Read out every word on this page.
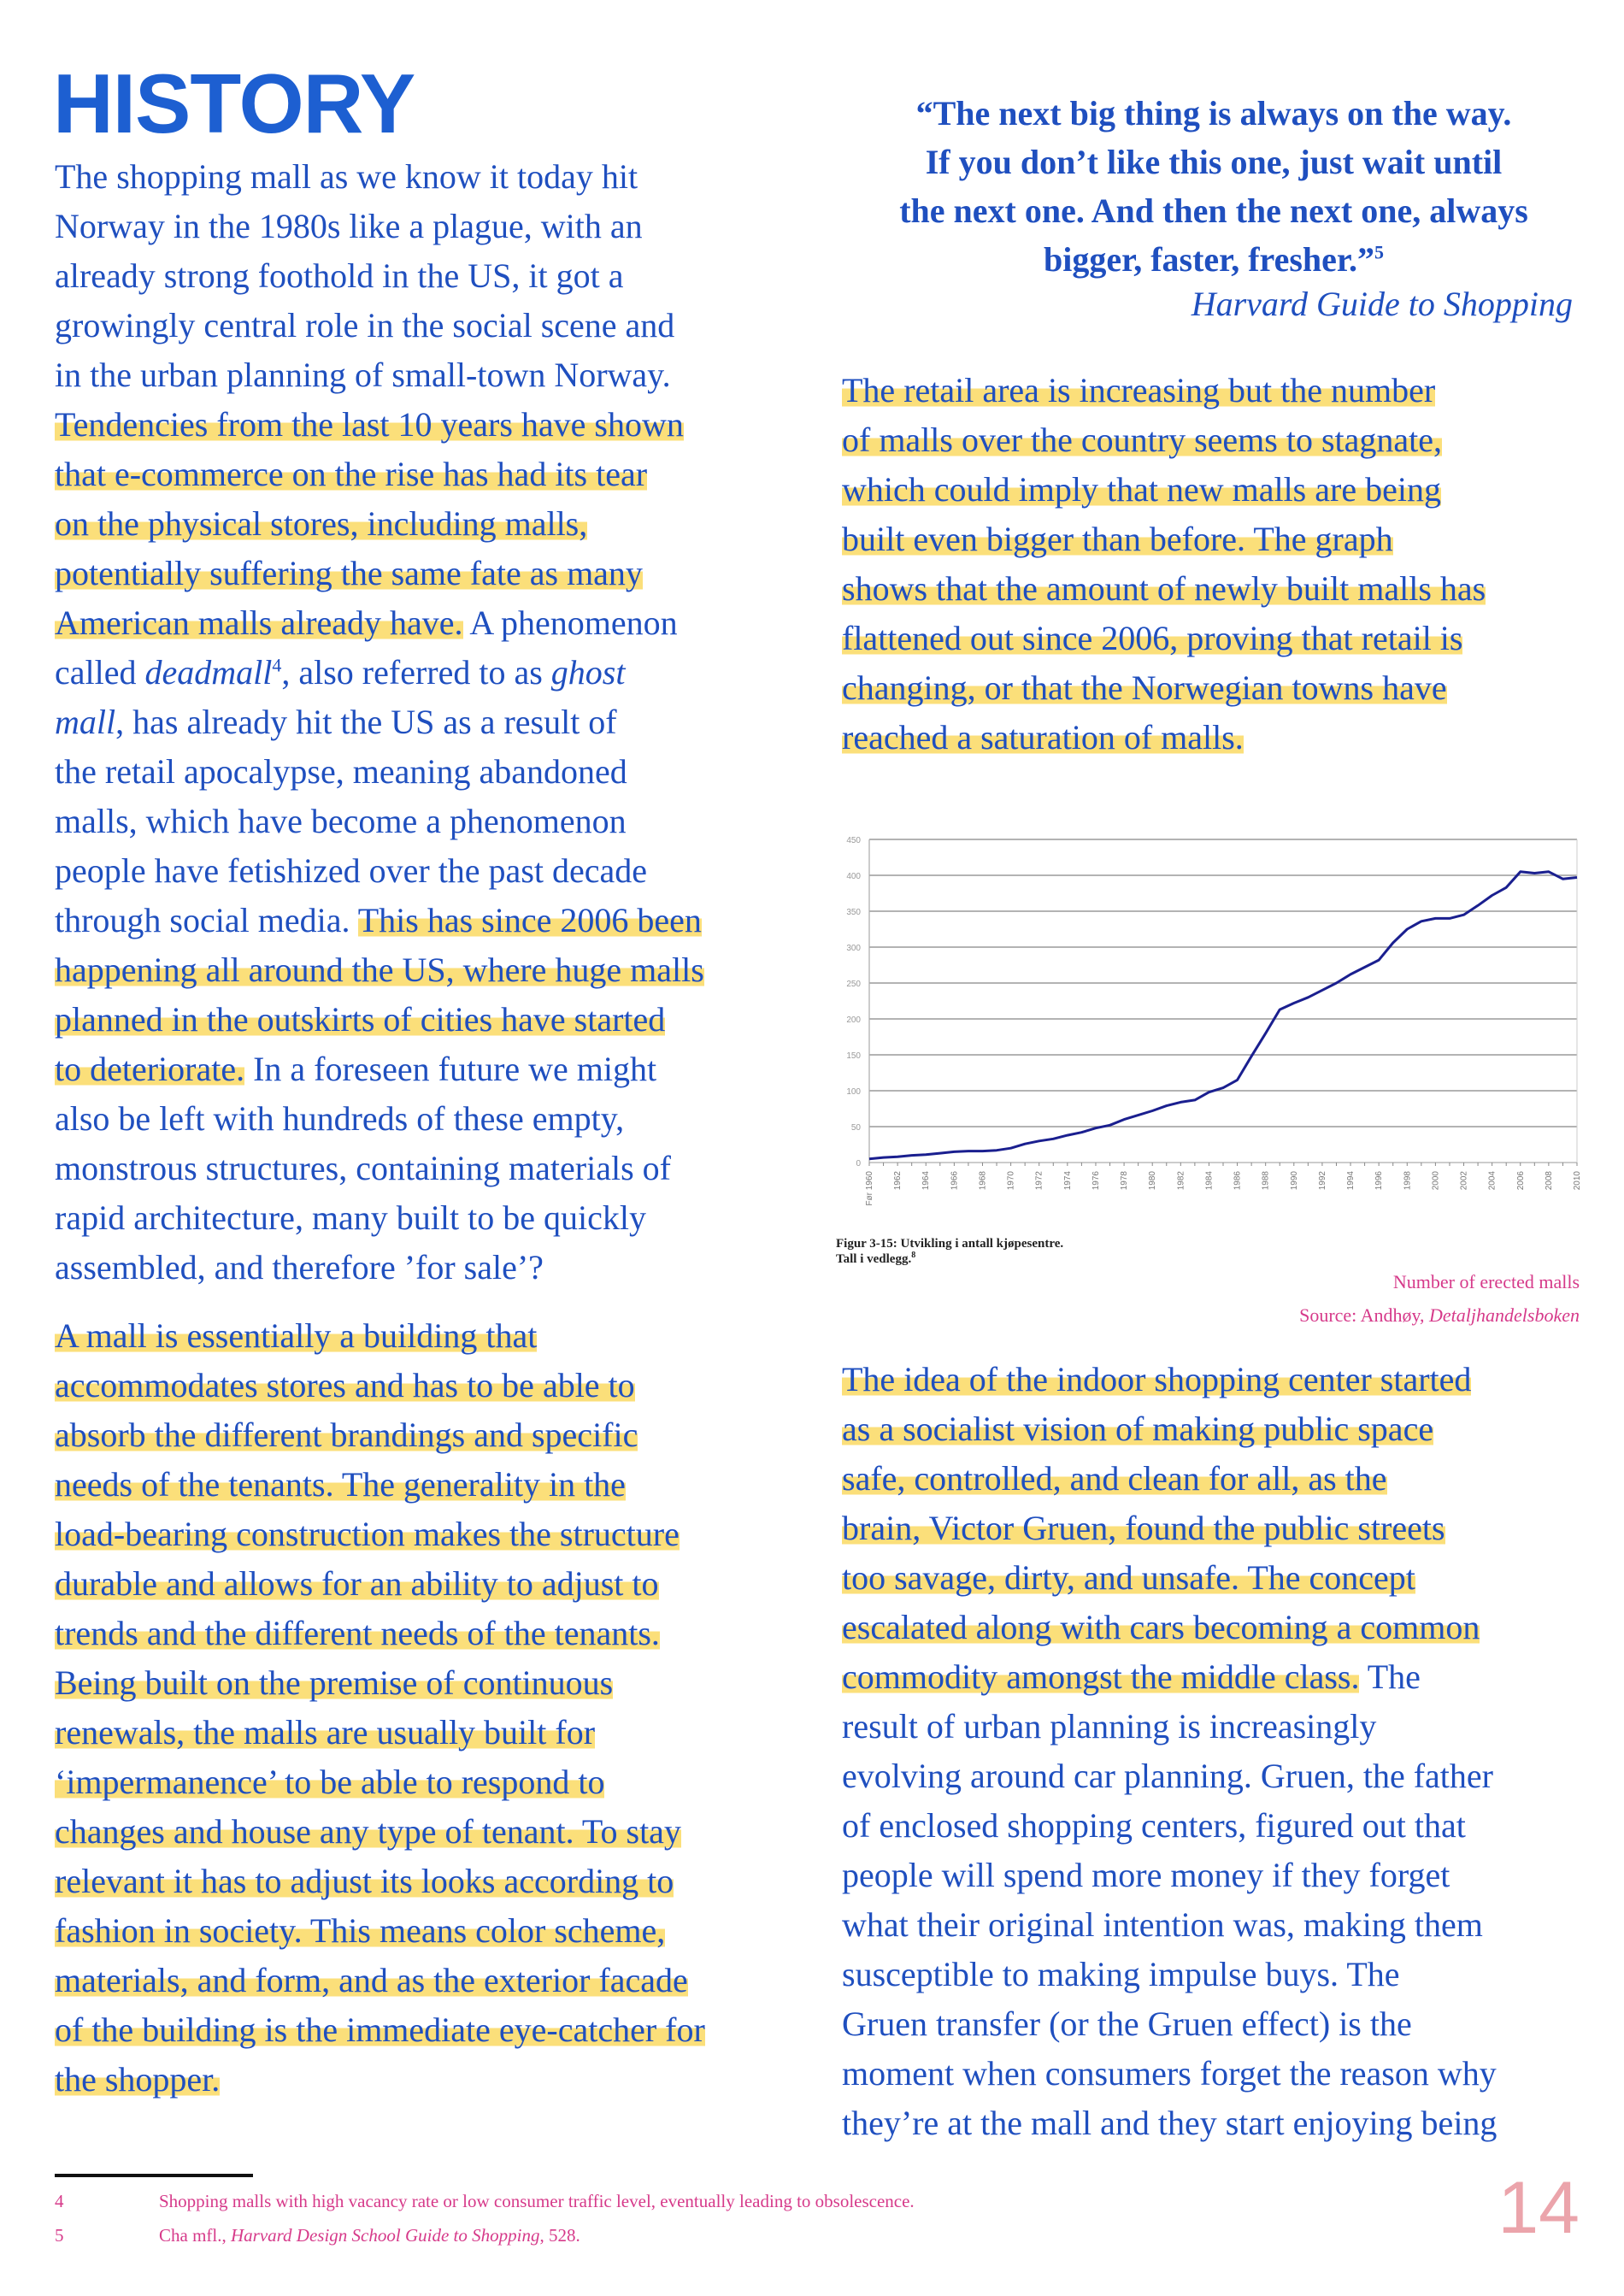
HISTORY
The shopping mall as we know it today hit
Norway in the 1980s like a plague, with an
already strong foothold in the US, it got a
growingly central role in the social scene and
in the urban planning of small-town Norway.
Tendencies from the last 10 years have shown
that e-commerce on the rise has had its tear
on the physical stores, including malls,
potentially suffering the same fate as many
American malls already have. A phenomenon
called deadmall$^4$, also referred to as ghost
mall, has already hit the US as a result of
the retail apocalypse, meaning abandoned
malls, which have become a phenomenon
people have fetishized over the past decade
through social media. This has since 2006 been
happening all around the US, where huge malls
planned in the outskirts of cities have started
to deteriorate. In a foreseen future we might
also be left with hundreds of these empty,
monstrous structures, containing materials of
rapid architecture, many built to be quickly
assembled, and therefore ’for sale’?
A mall is essentially a building that
accommodates stores and has to be able to
absorb the different brandings and specific
needs of the tenants. The generality in the
load-bearing construction makes the structure
durable and allows for an ability to adjust to
trends and the different needs of the tenants.
Being built on the premise of continuous
renewals, the malls are usually built for
‘impermanence’ to be able to respond to
changes and house any type of tenant. To stay
relevant it has to adjust its looks according to
fashion in society. This means color scheme,
materials, and form, and as the exterior facade
of the building is the immediate eye-catcher for
the shopper.
“The next big thing is always on the way.
If you don’t like this one, just wait until
the next one. And then the next one, always
bigger, faster, fresher.”$^5$
Harvard Guide to Shopping
The retail area is increasing but the number
of malls over the country seems to stagnate,
which could imply that new malls are being
built even bigger than before. The graph
shows that the amount of newly built malls has
flattened out since 2006, proving that retail is
changing, or that the Norwegian towns have
reached a saturation of malls.
0
50
100
150
200
250
300
350
400
450
Før 1960 1962 1964 1966 1968 1970 1972 1974 1976 1978 1980 1982 1984 1986 1988 1990 1992 1994 1996 1998 2000 2002 2004 2006 2008 2010
Figur 3-15: Utvikling i antall kjøpesentre.
Tall i vedlegg.$^8$
Number of erected malls
Source: Andhøy, Detaljhandelsboken
The idea of the indoor shopping center started
as a socialist vision of making public space
safe, controlled, and clean for all, as the
brain, Victor Gruen, found the public streets
too savage, dirty, and unsafe. The concept
escalated along with cars becoming a common
commodity amongst the middle class. The
result of urban planning is increasingly
evolving around car planning. Gruen, the father
of enclosed shopping centers, figured out that
people will spend more money if they forget
what their original intention was, making them
susceptible to making impulse buys. The
Gruen transfer (or the Gruen effect) is the
moment when consumers forget the reason why
they’re at the mall and they start enjoying being
4	Shopping malls with high vacancy rate or low consumer traffic level, eventually leading to obsolescence.
5	Cha mfl., Harvard Design School Guide to Shopping, 528.	14
